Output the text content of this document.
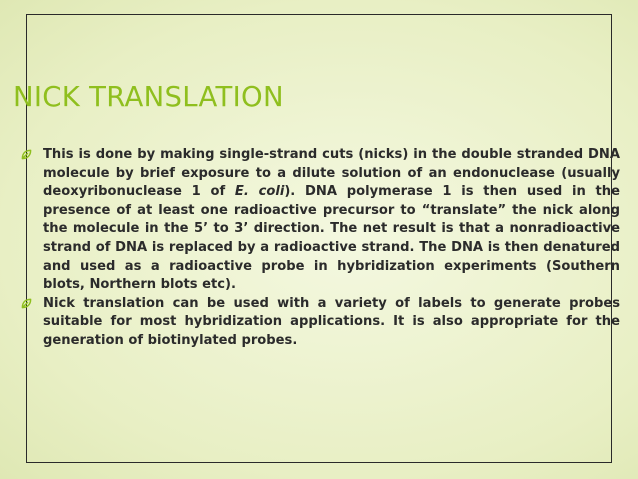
NICK TRANSLATION
This is done by making single-strand cuts (nicks) in the double stranded DNA molecule by brief exposure to a dilute solution of an endonuclease (usually deoxyribonuclease 1 of E. coli). DNA polymerase 1 is then used in the presence of at least one radioactive precursor to “translate” the nick along the molecule in the 5’ to 3’ direction. The net result is that a nonradioactive strand of DNA is replaced by a radioactive strand. The DNA is then denatured and used as a radioactive probe in hybridization experiments (Southern blots, Northern blots etc).
Nick translation can be used with a variety of labels to generate probes suitable for most hybridization applications. It is also appropriate for the generation of biotinylated probes.
